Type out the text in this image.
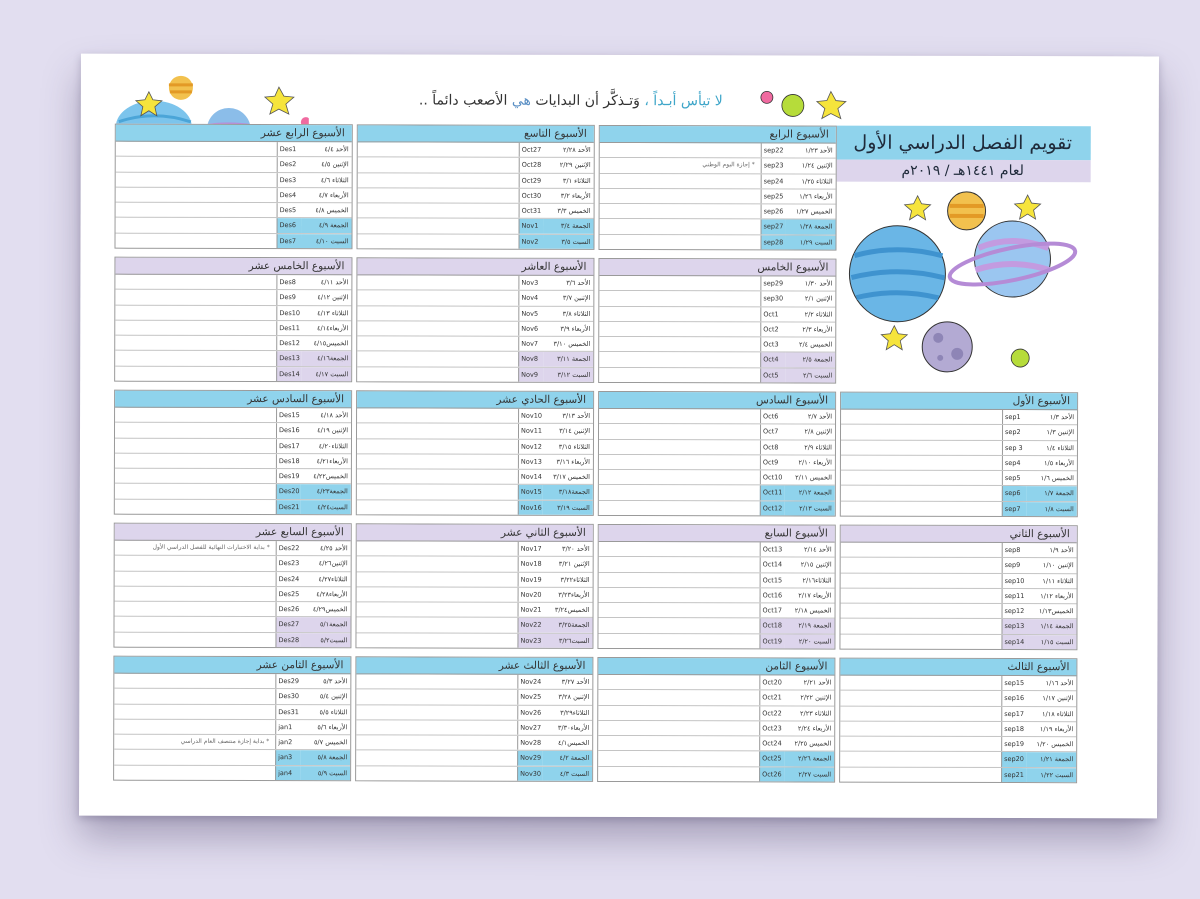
لا تيأس أبـداً ، وَتـذكَّر أن البدايات هي الأصعب دائماً ..
تقويم الفصل الدراسي الأول
لعام ١٤٤١هـ / ٢٠١٩م
الأسبوع الرابع
الأحد ١/٢٣
sep22
الإثنين ١/٢٤
sep23
* إجازة اليوم الوطني
الثلاثاء ١/٢٥
sep24
الأربعاء ١/٢٦
sep25
الخميس ١/٢٧
sep26
الجمعة ١/٢٨
sep27
السبت ١/٢٩
sep28
الأسبوع التاسع
الأحد ٢/٢٨
Oct27
الإثنين ٢/٢٩
Oct28
الثلاثاء ٣/١
Oct29
الأربعاء ٣/٢
Oct30
الخميس ٣/٣
Oct31
الجمعة ٣/٤
Nov1
السبت ٣/٥
Nov2
الأسبوع الرابع عشر
الأحد ٤/٤
Des1
الإثنين ٤/٥
Des2
الثلاثاء ٤/٦
Des3
الأربعاء ٤/٧
Des4
الخميس ٤/٨
Des5
الجمعة ٤/٩
Des6
السبت ٤/١٠
Des7
الأسبوع الخامس
الأحد ١/٣٠
sep29
الإثنين ٢/١
sep30
الثلاثاء ٢/٢
Oct1
الأربعاء ٢/٣
Oct2
الخميس ٢/٤
Oct3
الجمعة ٢/٥
Oct4
السبت ٢/٦
Oct5
الأسبوع العاشر
الأحد ٣/٦
Nov3
الإثنين ٣/٧
Nov4
الثلاثاء ٣/٨
Nov5
الأربعاء ٣/٩
Nov6
الخميس ٣/١٠
Nov7
الجمعة ٣/١١
Nov8
السبت ٣/١٢
Nov9
الأسبوع الخامس عشر
الأحد ٤/١١
Des8
الإثنين ٤/١٢
Des9
الثلاثاء ٤/١٣
Des10
الأربعاء٤/١٤
Des11
الخميس٤/١٥
Des12
الجمعة٤/١٦
Des13
السبت ٤/١٧
Des14
الأسبوع الأول
الأحد ١/٣
sep1
الإثنين ١/٣
sep2
الثلاثاء ١/٤
sep 3
الأربعاء ١/٥
sep4
الخميس ١/٦
sep5
الجمعة ١/٧
sep6
السبت ١/٨
sep7
الأسبوع السادس
الأحد ٢/٧
Oct6
الإثنين ٢/٨
Oct7
الثلاثاء ٢/٩
Oct8
الأربعاء ٢/١٠
Oct9
الخميس ٢/١١
Oct10
الجمعة ٢/١٢
Oct11
السبت ٢/١٣
Oct12
الأسبوع الحادي عشر
الأحد ٣/١٣
Nov10
الإثنين ٣/١٤
Nov11
الثلاثاء ٣/١٥
Nov12
الأربعاء ٣/١٦
Nov13
الخميس ٣/١٧
Nov14
الجمعة٣/١٨
Nov15
السبت ٣/١٩
Nov16
الأسبوع السادس عشر
الأحد ٤/١٨
Des15
الإثنين ٤/١٩
Des16
الثلاثاء٤/٢٠
Des17
الأربعاء٤/٢١
Des18
الخميس٤/٢٢
Des19
الجمعة٤/٢٣
Des20
السبت٤/٢٤
Des21
الأسبوع الثاني
الأحد ١/٩
sep8
الإثنين ١/١٠
sep9
الثلاثاء ١/١١
sep10
الأربعاء ١/١٢
sep11
الخميس١/١٣
sep12
الجمعة ١/١٤
sep13
السبت ١/١٥
sep14
الأسبوع السابع
الأحد ٢/١٤
Oct13
الإثنين ٢/١٥
Oct14
الثلاثاء٢/١٦
Oct15
الأربعاء ٢/١٧
Oct16
الخميس ٢/١٨
Oct17
الجمعة ٢/١٩
Oct18
السبت ٢/٢٠
Oct19
الأسبوع الثاني عشر
الأحد ٣/٢٠
Nov17
الإثنين ٣/٢١
Nov18
الثلاثاء٣/٢٢
Nov19
الأربعاء٣/٢٣
Nov20
الخميس٣/٢٤
Nov21
الجمعة٣/٢٥
Nov22
السبت٣/٢٦
Nov23
الأسبوع السابع عشر
الأحد ٤/٢٥
Des22
* بداية الاختبارات النهائية للفصل الدراسي الأول
الإثنين٤/٢٦
Des23
الثلاثاء٤/٢٧
Des24
الأربعاء٤/٢٨
Des25
الخميس٤/٢٩
Des26
الجمعة٥/١
Des27
السبت٥/٢
Des28
الأسبوع الثالث
الأحد ١/١٦
sep15
الإثنين ١/١٧
sep16
الثلاثاء ١/١٨
sep17
الأربعاء ١/١٩
sep18
الخميس ١/٢٠
sep19
الجمعة ١/٢١
sep20
السبت ١/٢٢
sep21
الأسبوع الثامن
الأحد ٢/٢١
Oct20
الإثنين ٢/٢٢
Oct21
الثلاثاء ٢/٢٣
Oct22
الأربعاء ٢/٢٤
Oct23
الخميس ٢/٢٥
Oct24
الجمعة ٢/٢٦
Oct25
السبت ٢/٢٧
Oct26
الأسبوع الثالث عشر
الأحد ٣/٢٧
Nov24
الإثنين ٣/٢٨
Nov25
الثلاثاء٣/٢٩
Nov26
الأربعاء٣/٣٠
Nov27
الخميس٤/١
Nov28
الجمعة ٤/٢
Nov29
السبت ٤/٣
Nov30
الأسبوع الثامن عشر
الأحد ٥/٣
Des29
الإثنين ٥/٤
Des30
الثلاثاء ٥/٥
Des31
الأربعاء ٥/٦
jan1
الخميس ٥/٧
jan2
* بداية إجازة منتصف العام الدراسي
الجمعة ٥/٨
jan3
السبت ٥/٩
jan4
